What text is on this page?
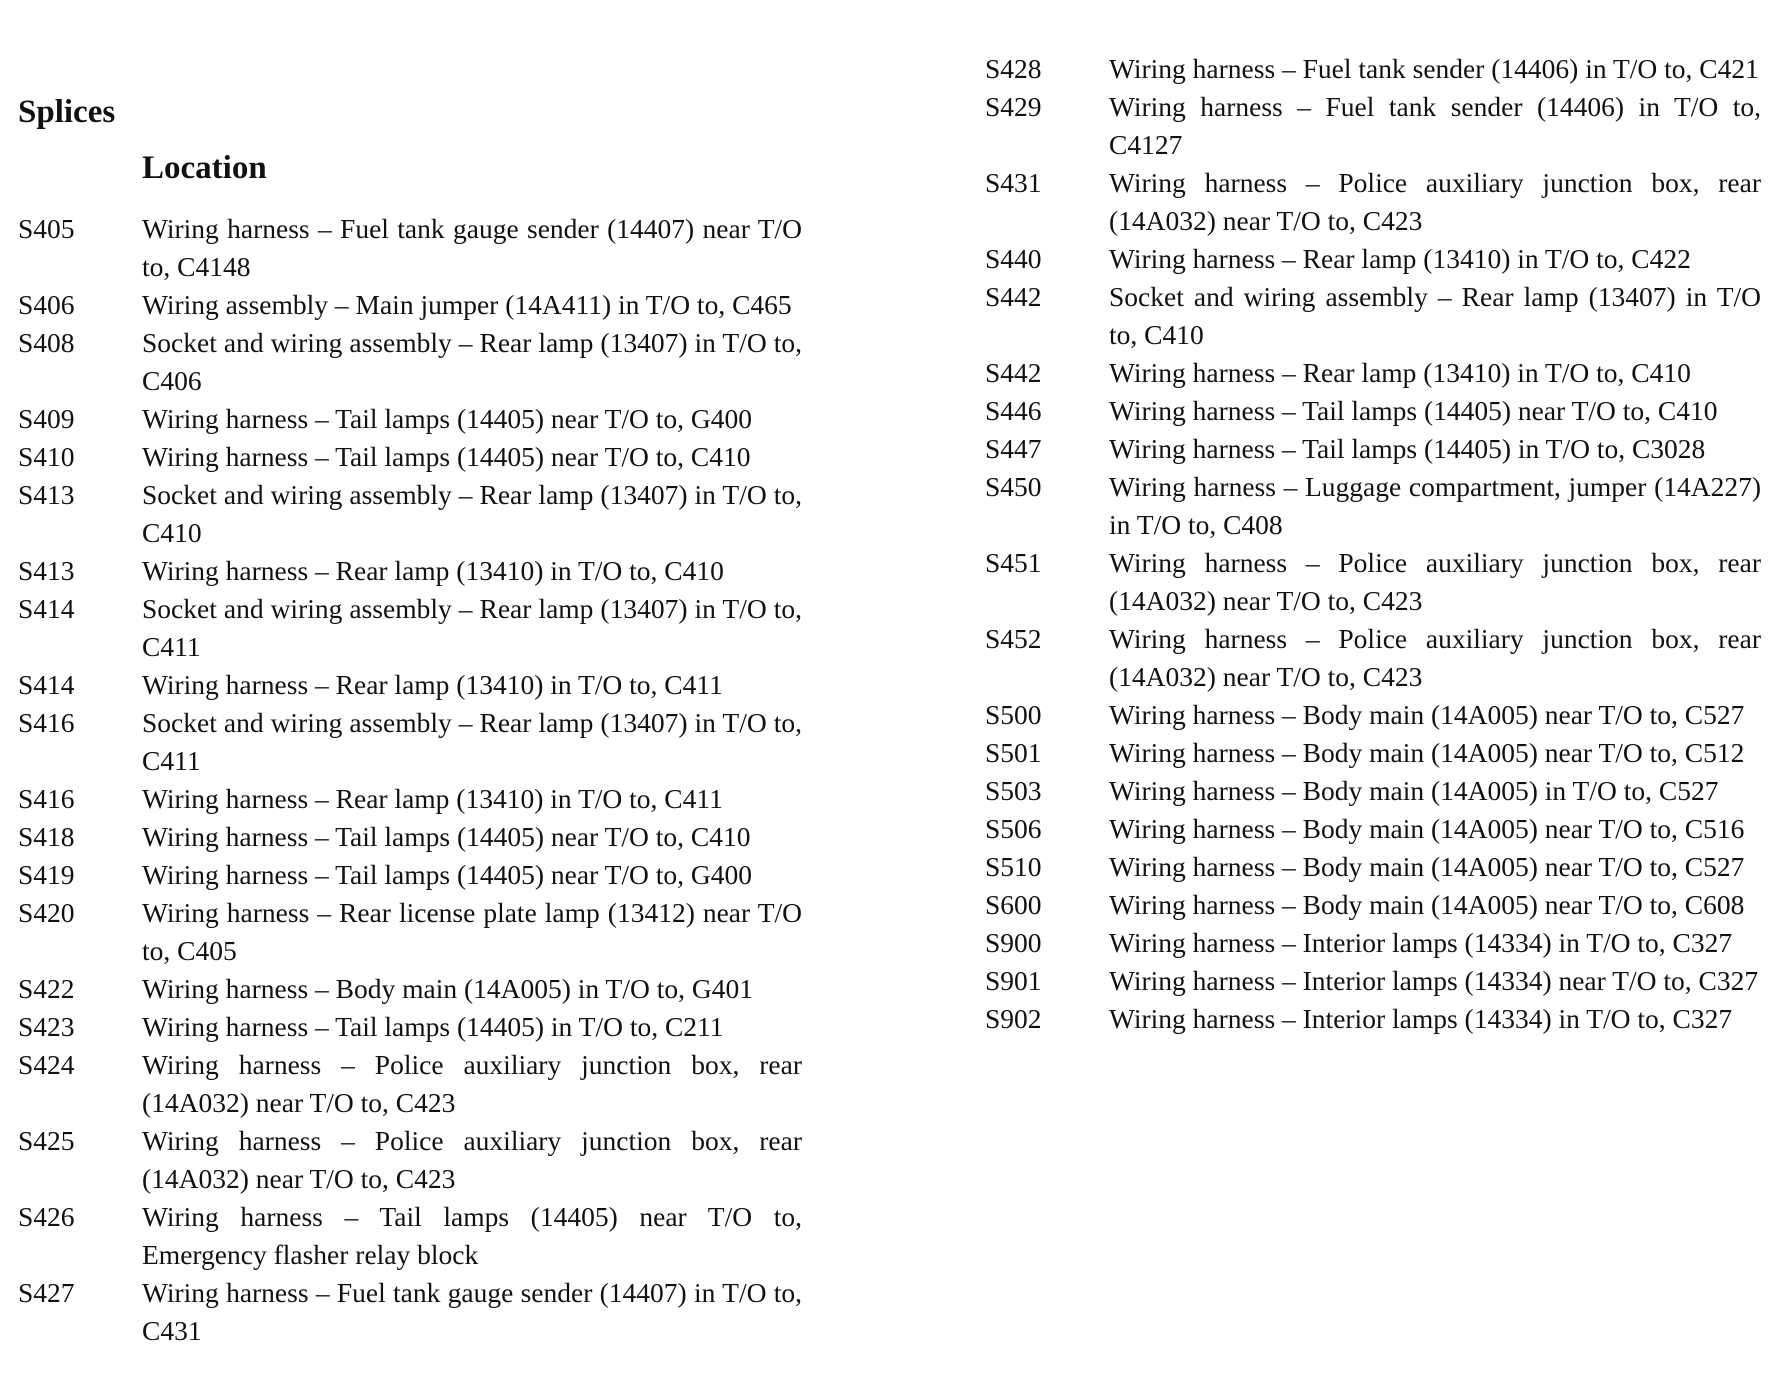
Splices
Location
S405	Wiring harness – Fuel tank gauge sender (14407) near T/O to, C4148
S406	Wiring assembly – Main jumper (14A411) in T/O to, C465
S408	Socket and wiring assembly – Rear lamp (13407) in T/O to, C406
S409	Wiring harness – Tail lamps (14405) near T/O to, G400
S410	Wiring harness – Tail lamps (14405) near T/O to, C410
S413	Socket and wiring assembly – Rear lamp (13407) in T/O to, C410
S413	Wiring harness – Rear lamp (13410) in T/O to, C410
S414	Socket and wiring assembly – Rear lamp (13407) in T/O to, C411
S414	Wiring harness – Rear lamp (13410) in T/O to, C411
S416	Socket and wiring assembly – Rear lamp (13407) in T/O to, C411
S416	Wiring harness – Rear lamp (13410) in T/O to, C411
S418	Wiring harness – Tail lamps (14405) near T/O to, C410
S419	Wiring harness – Tail lamps (14405) near T/O to, G400
S420	Wiring harness – Rear license plate lamp (13412) near T/O to, C405
S422	Wiring harness – Body main (14A005) in T/O to, G401
S423	Wiring harness – Tail lamps (14405) in T/O to, C211
S424	Wiring harness – Police auxiliary junction box, rear (14A032) near T/O to, C423
S425	Wiring harness – Police auxiliary junction box, rear (14A032) near T/O to, C423
S426	Wiring harness – Tail lamps (14405) near T/O to, Emergency flasher relay block
S427	Wiring harness – Fuel tank gauge sender (14407) in T/O to, C431
S428	Wiring harness – Fuel tank sender (14406) in T/O to, C421
S429	Wiring harness – Fuel tank sender (14406) in T/O to, C4127
S431	Wiring harness – Police auxiliary junction box, rear (14A032) near T/O to, C423
S440	Wiring harness – Rear lamp (13410) in T/O to, C422
S442	Socket and wiring assembly – Rear lamp (13407) in T/O to, C410
S442	Wiring harness – Rear lamp (13410) in T/O to, C410
S446	Wiring harness – Tail lamps (14405) near T/O to, C410
S447	Wiring harness – Tail lamps (14405) in T/O to, C3028
S450	Wiring harness – Luggage compartment, jumper (14A227) in T/O to, C408
S451	Wiring harness – Police auxiliary junction box, rear (14A032) near T/O to, C423
S452	Wiring harness – Police auxiliary junction box, rear (14A032) near T/O to, C423
S500	Wiring harness – Body main (14A005) near T/O to, C527
S501	Wiring harness – Body main (14A005) near T/O to, C512
S503	Wiring harness – Body main (14A005) in T/O to, C527
S506	Wiring harness – Body main (14A005) near T/O to, C516
S510	Wiring harness – Body main (14A005) near T/O to, C527
S600	Wiring harness – Body main (14A005) near T/O to, C608
S900	Wiring harness – Interior lamps (14334) in T/O to, C327
S901	Wiring harness – Interior lamps (14334) near T/O to, C327
S902	Wiring harness – Interior lamps (14334) in T/O to, C327
